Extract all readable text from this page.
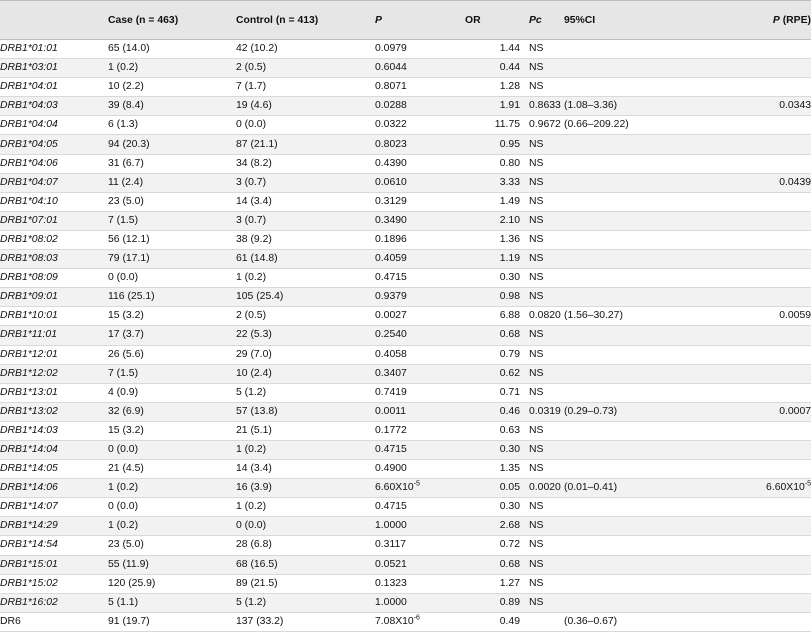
	Case (n = 463)	Control (n = 413)	P	OR	Pc	95%CI	P (RPE)
DRB1*01:01	65 (14.0)	42 (10.2)	0.0979	1.44	NS		
DRB1*03:01	1 (0.2)	2 (0.5)	0.6044	0.44	NS		
DRB1*04:01	10 (2.2)	7 (1.7)	0.8071	1.28	NS		
DRB1*04:03	39 (8.4)	19 (4.6)	0.0288	1.91	0.8633	(1.08–3.36)	0.0343
DRB1*04:04	6 (1.3)	0 (0.0)	0.0322	11.75	0.9672	(0.66–209.22)	
DRB1*04:05	94 (20.3)	87 (21.1)	0.8023	0.95	NS		
DRB1*04:06	31 (6.7)	34 (8.2)	0.4390	0.80	NS		
DRB1*04:07	11 (2.4)	3 (0.7)	0.0610	3.33	NS		0.0439
DRB1*04:10	23 (5.0)	14 (3.4)	0.3129	1.49	NS		
DRB1*07:01	7 (1.5)	3 (0.7)	0.3490	2.10	NS		
DRB1*08:02	56 (12.1)	38 (9.2)	0.1896	1.36	NS		
DRB1*08:03	79 (17.1)	61 (14.8)	0.4059	1.19	NS		
DRB1*08:09	0 (0.0)	1 (0.2)	0.4715	0.30	NS		
DRB1*09:01	116 (25.1)	105 (25.4)	0.9379	0.98	NS		
DRB1*10:01	15 (3.2)	2 (0.5)	0.0027	6.88	0.0820	(1.56–30.27)	0.0059
DRB1*11:01	17 (3.7)	22 (5.3)	0.2540	0.68	NS		
DRB1*12:01	26 (5.6)	29 (7.0)	0.4058	0.79	NS		
DRB1*12:02	7 (1.5)	10 (2.4)	0.3407	0.62	NS		
DRB1*13:01	4 (0.9)	5 (1.2)	0.7419	0.71	NS		
DRB1*13:02	32 (6.9)	57 (13.8)	0.0011	0.46	0.0319	(0.29–0.73)	0.0007
DRB1*14:03	15 (3.2)	21 (5.1)	0.1772	0.63	NS		
DRB1*14:04	0 (0.0)	1 (0.2)	0.4715	0.30	NS		
DRB1*14:05	21 (4.5)	14 (3.4)	0.4900	1.35	NS		
DRB1*14:06	1 (0.2)	16 (3.9)	$6.60X10^{-5}$	0.05	0.0020	(0.01–0.41)	$6.60X10^{-5}$
DRB1*14:07	0 (0.0)	1 (0.2)	0.4715	0.30	NS		
DRB1*14:29	1 (0.2)	0 (0.0)	1.0000	2.68	NS		
DRB1*14:54	23 (5.0)	28 (6.8)	0.3117	0.72	NS		
DRB1*15:01	55 (11.9)	68 (16.5)	0.0521	0.68	NS		
DRB1*15:02	120 (25.9)	89 (21.5)	0.1323	1.27	NS		
DRB1*16:02	5 (1.1)	5 (1.2)	1.0000	0.89	NS		
DR6	91 (19.7)	137 (33.2)	$7.08X10^{-6}$	0.49		(0.36–0.67)	
